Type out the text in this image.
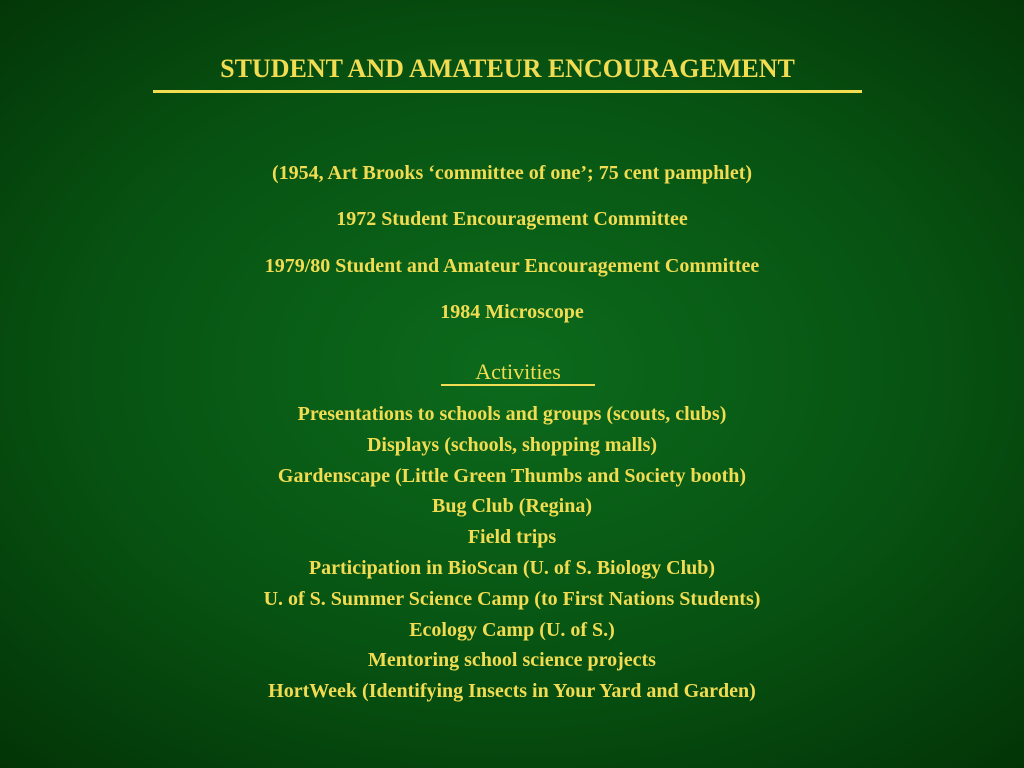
STUDENT AND AMATEUR ENCOURAGEMENT
(1954, Art Brooks ‘committee of one’; 75 cent pamphlet)
1972 Student Encouragement Committee
1979/80 Student and Amateur Encouragement Committee
1984 Microscope
Activities
Presentations to schools and groups (scouts, clubs)
Displays (schools, shopping malls)
Gardenscape (Little Green Thumbs and Society booth)
Bug Club (Regina)
Field trips
Participation in BioScan (U. of S. Biology Club)
U. of S. Summer Science Camp (to First Nations Students)
Ecology Camp (U. of S.)
Mentoring school science projects
HortWeek (Identifying Insects in Your Yard and Garden)
